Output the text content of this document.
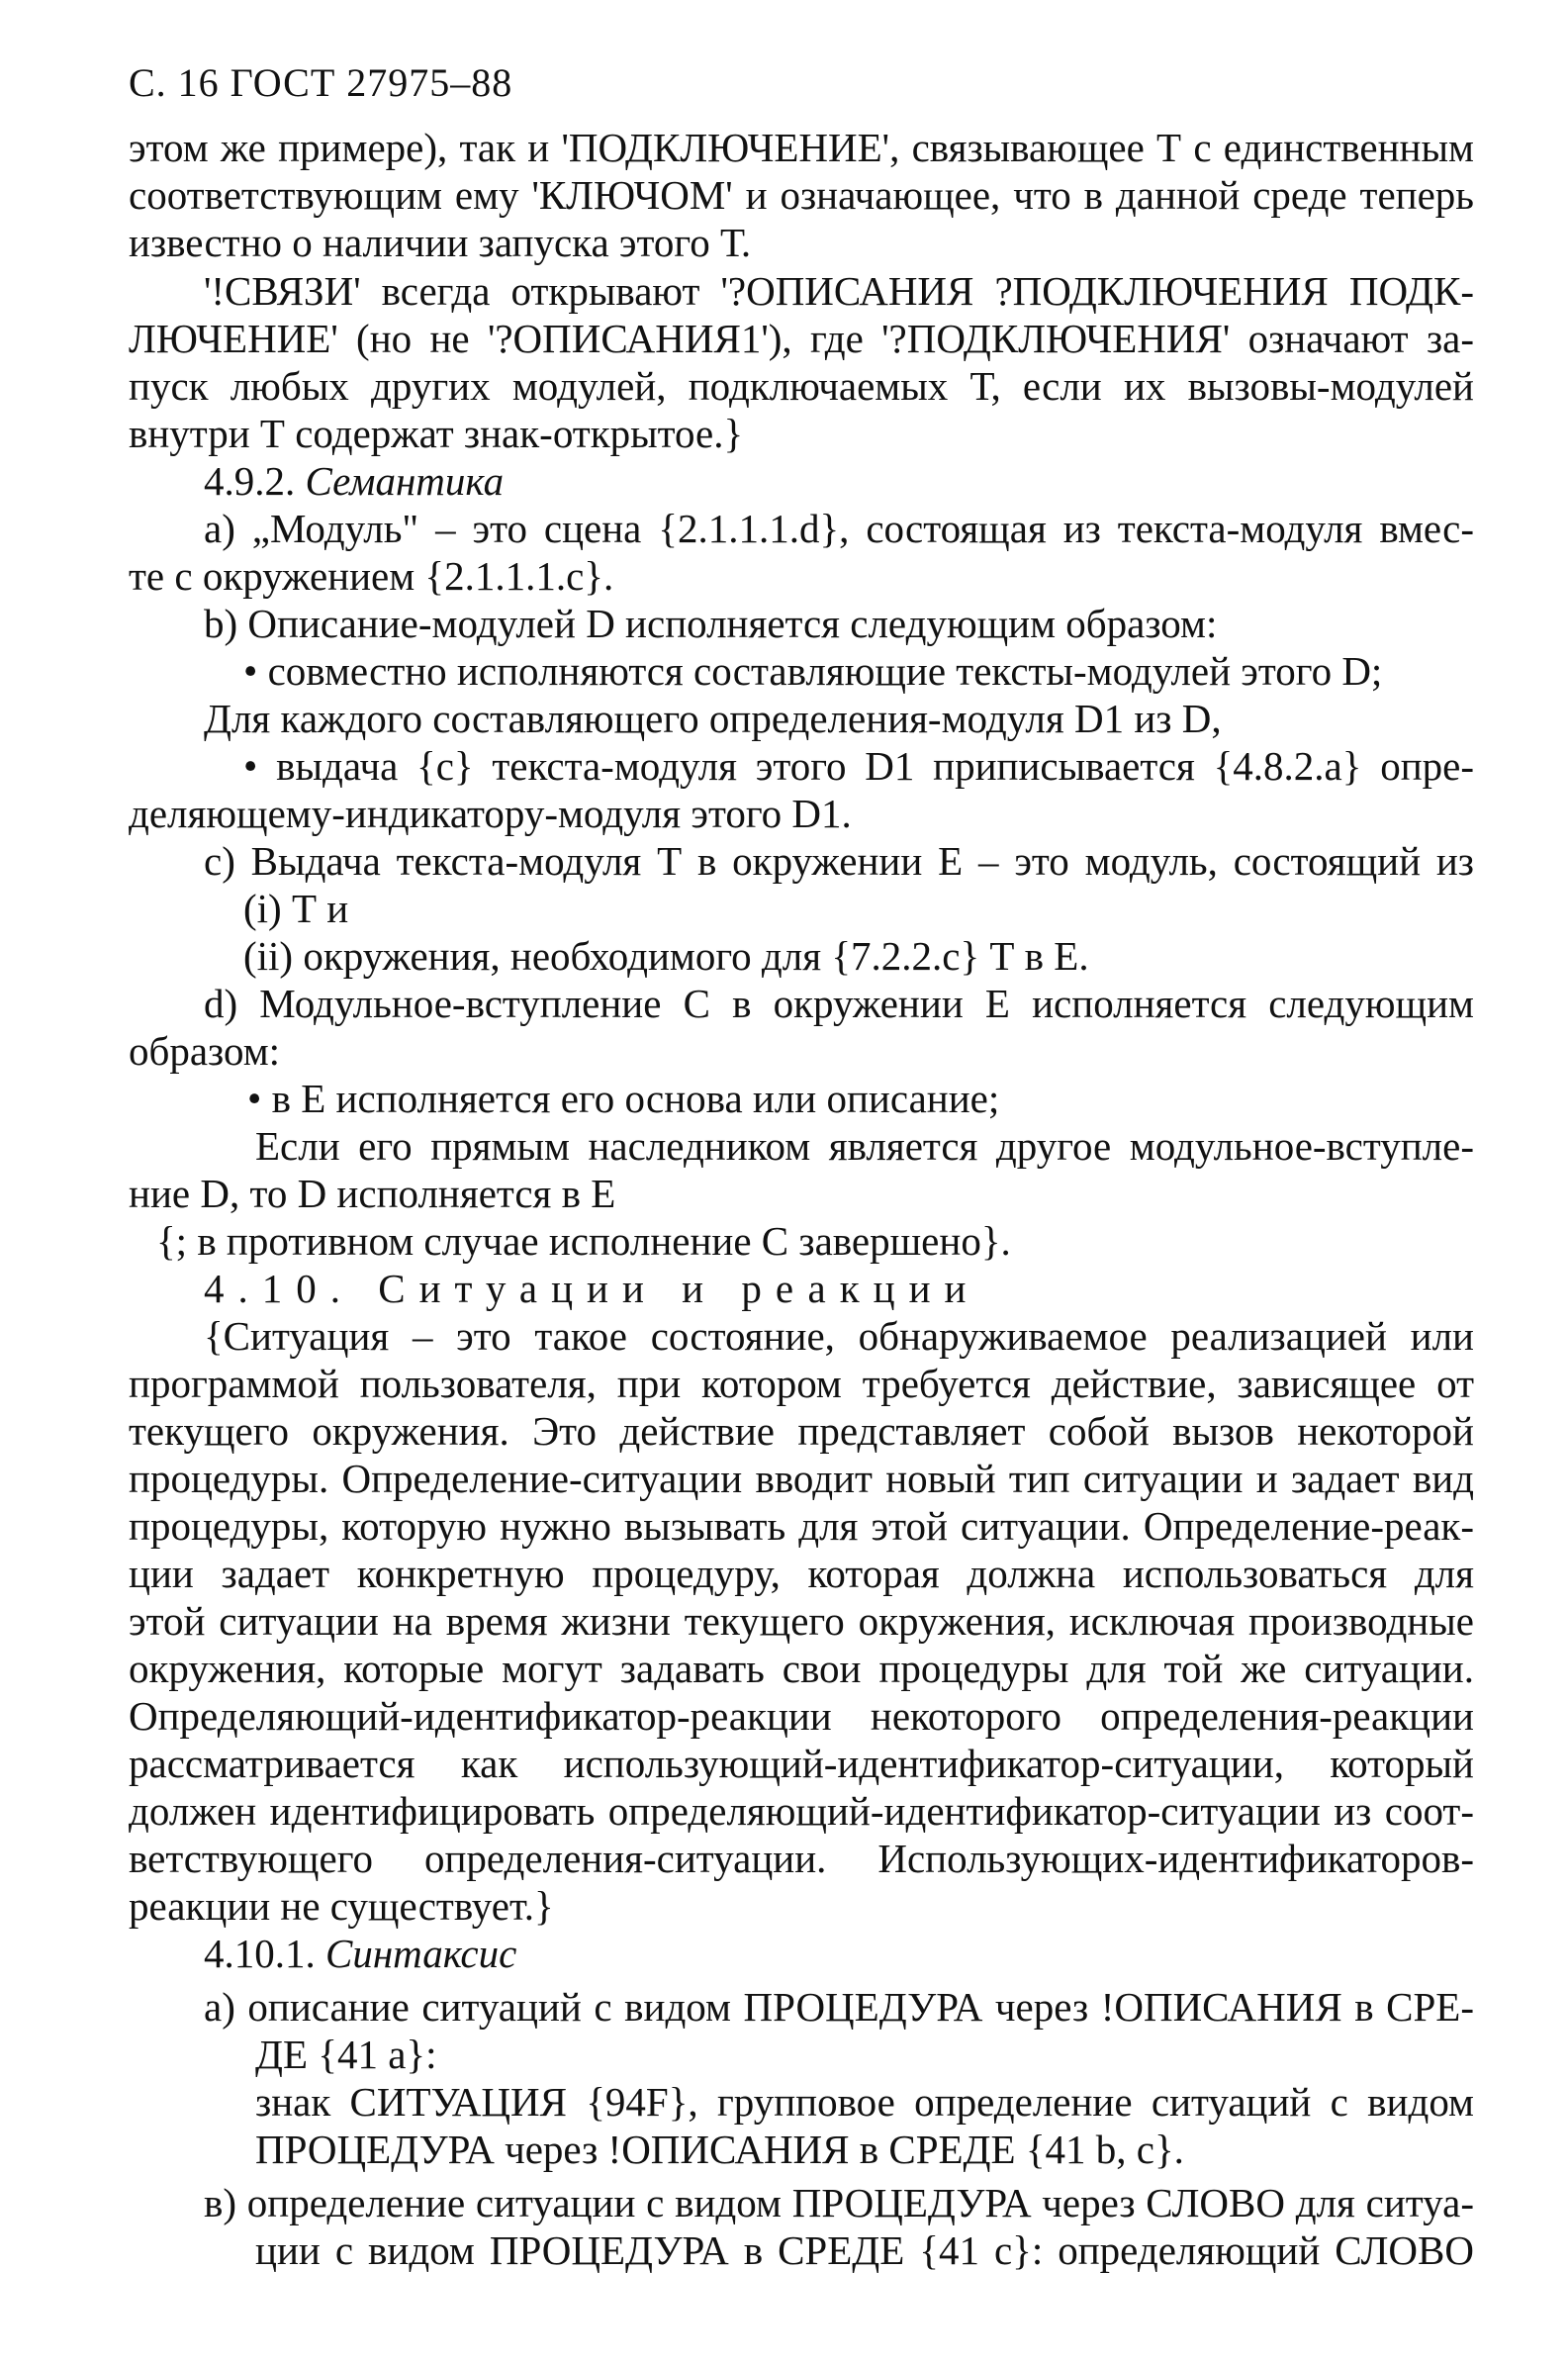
С. 16 ГОСТ 27975–88
этом же примере), так и 'ПОДКЛЮЧЕНИЕ', связывающее Т с единственным
соответствующим ему 'КЛЮЧОМ' и означающее, что в данной среде теперь
известно о наличии запуска этого Т.
'!СВЯЗИ' всегда открывают '?ОПИСАНИЯ ?ПОДКЛЮЧЕНИЯ ПОДК-
ЛЮЧЕНИЕ' (но не '?ОПИСАНИЯ1'), где '?ПОДКЛЮЧЕНИЯ' означают за-
пуск любых других модулей, подключаемых Т, если их вызовы-модулей
внутри Т содержат знак-открытое.}
4.9.2. Семантика
a) „Модуль" – это сцена {2.1.1.1.d}, состоящая из текста-модуля вмес-
те с окружением {2.1.1.1.c}.
b) Описание-модулей D исполняется следующим образом:
• совместно исполняются составляющие тексты-модулей этого D;
Для каждого составляющего определения-модуля D1 из D,
• выдача {c} текста-модуля этого D1 приписывается {4.8.2.a} опре-
деляющему-индикатору-модуля этого D1.
c) Выдача текста-модуля Т в окружении Е – это модуль, состоящий из
(i) Т и
(ii) окружения, необходимого для {7.2.2.c} Т в Е.
d) Модульное-вступление С в окружении Е исполняется следующим
образом:
• в Е исполняется его основа или описание;
Если его прямым наследником является другое модульное-вступле-
ние D, то D исполняется в Е
{; в противном случае исполнение С завершено}.
4.10. Ситуации и реакции
{Ситуация – это такое состояние, обнаруживаемое реализацией или
программой пользователя, при котором требуется действие, зависящее от
текущего окружения. Это действие представляет собой вызов некоторой
процедуры. Определение-ситуации вводит новый тип ситуации и задает вид
процедуры, которую нужно вызывать для этой ситуации. Определение-реак-
ции задает конкретную процедуру, которая должна использоваться для
этой ситуации на время жизни текущего окружения, исключая производные
окружения, которые могут задавать свои процедуры для той же ситуации.
Определяющий-идентификатор-реакции некоторого определения-реакции
рассматривается как использующий-идентификатор-ситуации, который
должен идентифицировать определяющий-идентификатор-ситуации из соот-
ветствующего определения-ситуации. Использующих-идентификаторов-
реакции не существует.}
4.10.1. Синтаксис
a) описание ситуаций с видом ПРОЦЕДУРА через !ОПИСАНИЯ в СРЕ-
ДЕ {41 a}:
знак СИТУАЦИЯ {94F}, групповое определение ситуаций с видом
ПРОЦЕДУРА через !ОПИСАНИЯ в СРЕДЕ {41 b, c}.
в) определение ситуации с видом ПРОЦЕДУРА через СЛОВО для ситуа-
ции с видом ПРОЦЕДУРА в СРЕДЕ {41 c}: определяющий СЛОВО
